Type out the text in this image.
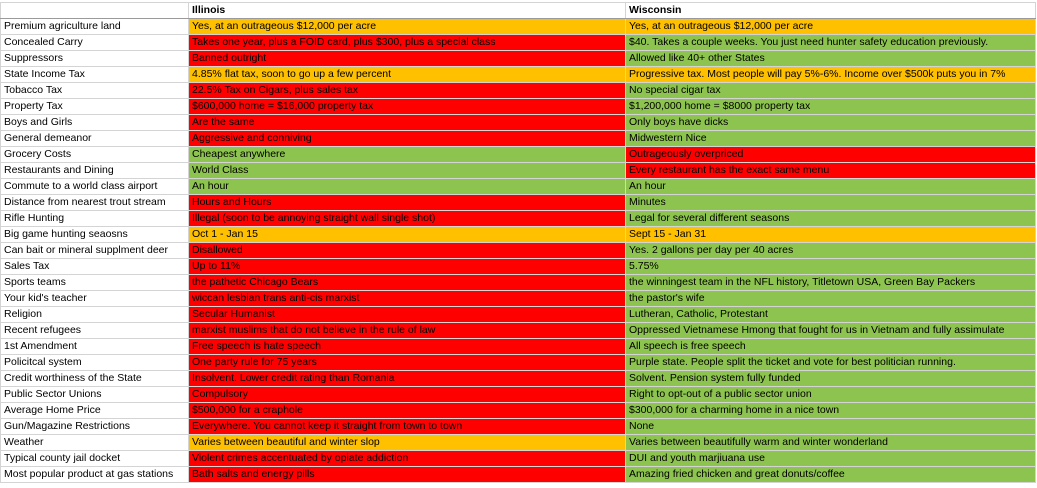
	Illinois	Wisconsin
Premium agriculture land	Yes, at an outrageous $12,000 per acre	Yes, at an outrageous $12,000 per acre
Concealed Carry	Takes one year, plus a FOID card, plus $300, plus a special class	$40. Takes a couple weeks. You just need hunter safety education previously.
Suppressors	Banned outright	Allowed like 40+ other States
State Income Tax	4.85% flat tax, soon to go up a few percent	Progressive tax. Most people will pay 5%-6%. Income over $500k puts you in 7%
Tobacco Tax	22.5% Tax on Cigars, plus sales tax	No special cigar tax
Property Tax	$600,000 home = $16,000 property tax	$1,200,000 home = $8000 property tax
Boys and Girls	Are the same	Only boys have dicks
General demeanor	Aggressive and conniving	Midwestern Nice
Grocery Costs	Cheapest anywhere	Outrageously overpriced
Restaurants and Dining	World Class	Every restaurant has the exact same menu
Commute to a world class airport	An hour	An hour
Distance from nearest trout stream	Hours and Hours	Minutes
Rifle Hunting	Illegal (soon to be annoying straight wall single shot)	Legal for several different seasons
Big game hunting seaosns	Oct 1 - Jan 15	Sept 15 - Jan 31
Can bait or mineral supplment deer	Disallowed	Yes. 2 gallons per day per 40 acres
Sales Tax	Up to 11%	5.75%
Sports teams	the pathetic Chicago Bears	the winningest team in the NFL history, Titletown USA, Green Bay Packers
Your kid's teacher	wiccan lesbian trans anti-cis marxist	the pastor's wife
Religion	Secular Humanist	Lutheran, Catholic, Protestant
Recent refugees	marxist muslims that do not believe in the rule of law	Oppressed Vietnamese Hmong that fought for us in Vietnam and fully assimulate
1st Amendment	Free speech is hate speech	All speech is free speech
Policitcal system	One party rule for 75 years	Purple state. People split the ticket and vote for best politician running.
Credit worthiness of the State	Insolvent. Lower credit rating than Romania	Solvent. Pension system fully funded
Public Sector Unions	Compulsory	Right to opt-out of a public sector union
Average Home Price	$500,000 for a craphole	$300,000 for a charming home in a nice town
Gun/Magazine Restrictions	Everywhere. You cannot keep it straight from town to town	None
Weather	Varies between beautiful and winter slop	Varies between beautifully warm and winter wonderland
Typical county jail docket	Violent crimes accentuated by opiate addiction	DUI and youth marjiuana use
Most popular product at gas stations	Bath salts and energy pills	Amazing fried chicken and great donuts/coffee
